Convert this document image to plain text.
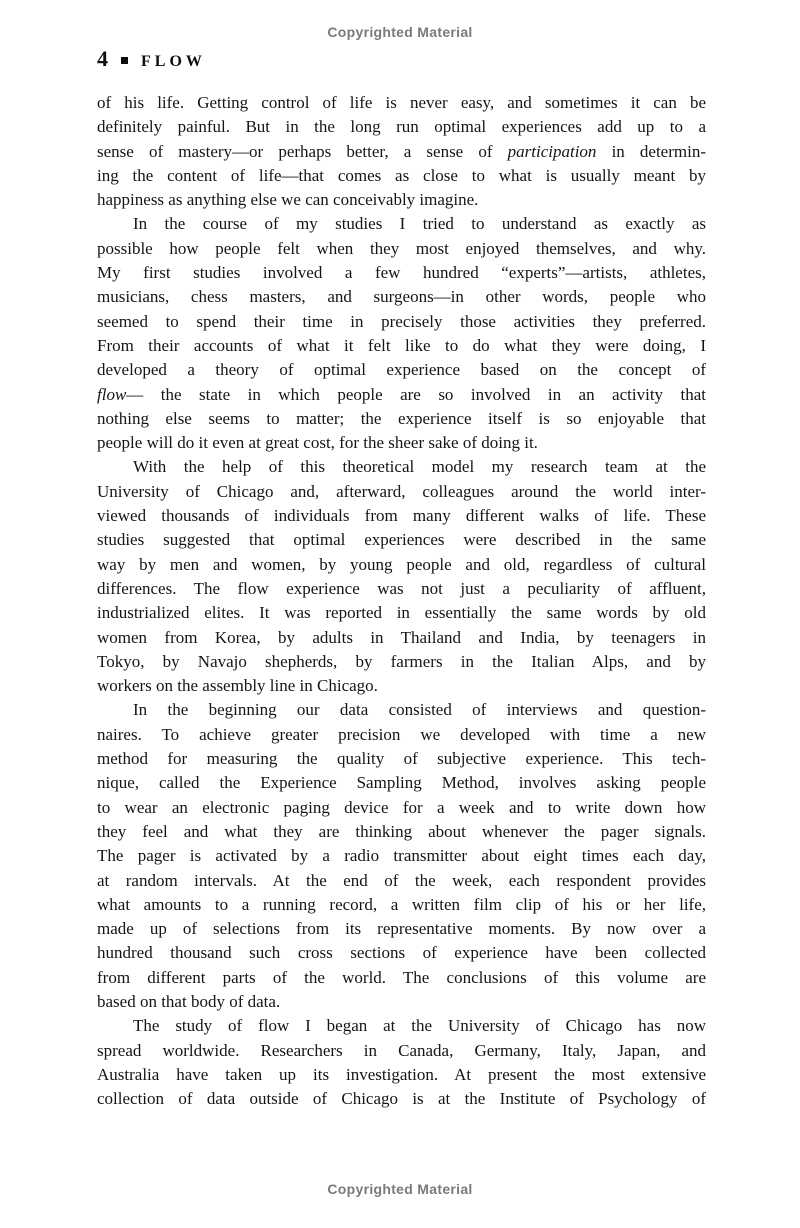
Copyrighted Material
4 FLOW
of his life. Getting control of life is never easy, and sometimes it can be
definitely painful. But in the long run optimal experiences add up to a
sense of mastery—or perhaps better, a sense of participation in determin-
ing the content of life—that comes as close to what is usually meant by
happiness as anything else we can conceivably imagine.
In the course of my studies I tried to understand as exactly as
possible how people felt when they most enjoyed themselves, and why.
My first studies involved a few hundred “experts”—artists, athletes,
musicians, chess masters, and surgeons—in other words, people who
seemed to spend their time in precisely those activities they preferred.
From their accounts of what it felt like to do what they were doing, I
developed a theory of optimal experience based on the concept of
flow— the state in which people are so involved in an activity that
nothing else seems to matter; the experience itself is so enjoyable that
people will do it even at great cost, for the sheer sake of doing it.
With the help of this theoretical model my research team at the
University of Chicago and, afterward, colleagues around the world inter-
viewed thousands of individuals from many different walks of life. These
studies suggested that optimal experiences were described in the same
way by men and women, by young people and old, regardless of cultural
differences. The flow experience was not just a peculiarity of affluent,
industrialized elites. It was reported in essentially the same words by old
women from Korea, by adults in Thailand and India, by teenagers in
Tokyo, by Navajo shepherds, by farmers in the Italian Alps, and by
workers on the assembly line in Chicago.
In the beginning our data consisted of interviews and question-
naires. To achieve greater precision we developed with time a new
method for measuring the quality of subjective experience. This tech-
nique, called the Experience Sampling Method, involves asking people
to wear an electronic paging device for a week and to write down how
they feel and what they are thinking about whenever the pager signals.
The pager is activated by a radio transmitter about eight times each day,
at random intervals. At the end of the week, each respondent provides
what amounts to a running record, a written film clip of his or her life,
made up of selections from its representative moments. By now over a
hundred thousand such cross sections of experience have been collected
from different parts of the world. The conclusions of this volume are
based on that body of data.
The study of flow I began at the University of Chicago has now
spread worldwide. Researchers in Canada, Germany, Italy, Japan, and
Australia have taken up its investigation. At present the most extensive
collection of data outside of Chicago is at the Institute of Psychology of
Copyrighted Material
